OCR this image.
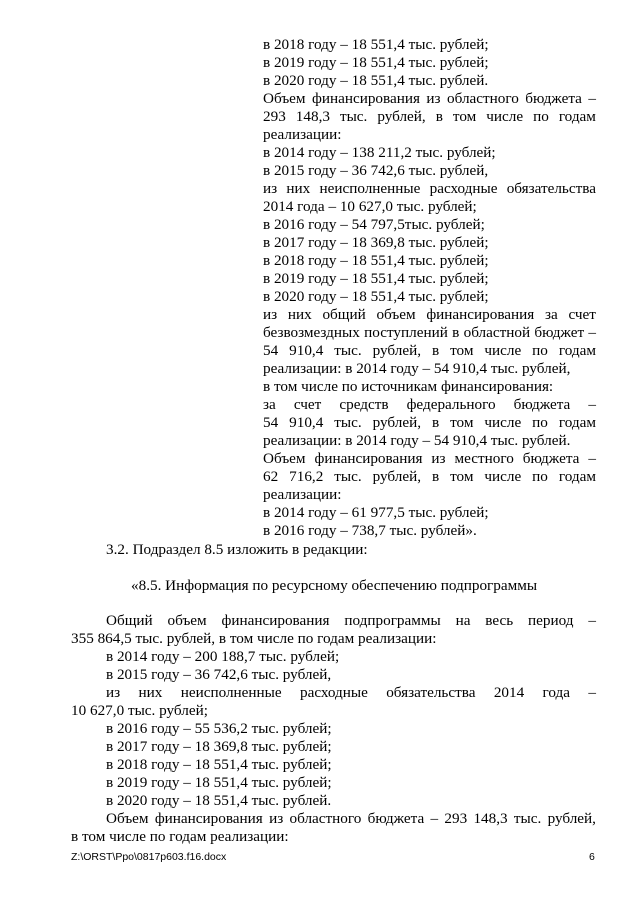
в 2018 году – 18 551,4 тыс. рублей;
в 2019 году – 18 551,4 тыс. рублей;
в 2020 году – 18 551,4 тыс. рублей.
Объем финансирования из областного бюджета –
293 148,3 тыс. рублей, в том числе по годам
реализации:
в 2014 году – 138 211,2 тыс. рублей;
в 2015 году – 36 742,6 тыс. рублей,
из них неисполненные расходные обязательства
2014 года – 10 627,0 тыс. рублей;
в 2016 году – 54 797,5тыс. рублей;
в 2017 году – 18 369,8 тыс. рублей;
в 2018 году – 18 551,4 тыс. рублей;
в 2019 году – 18 551,4 тыс. рублей;
в 2020 году – 18 551,4 тыс. рублей;
из них общий объем финансирования за счет
безвозмездных поступлений в областной бюджет –
54 910,4 тыс. рублей, в том числе по годам
реализации: в 2014 году – 54 910,4 тыс. рублей,
в том числе по источникам финансирования:
за счет средств федерального бюджета –
54 910,4 тыс. рублей, в том числе по годам
реализации: в 2014 году – 54 910,4 тыс. рублей.
Объем финансирования из местного бюджета –
62 716,2 тыс. рублей, в том числе по годам
реализации:
в 2014 году – 61 977,5 тыс. рублей;
в 2016 году – 738,7 тыс. рублей».
3.2. Подраздел 8.5 изложить в редакции:
«8.5. Информация по ресурсному обеспечению подпрограммы
Общий объем финансирования подпрограммы на весь период –
355 864,5 тыс. рублей, в том числе по годам реализации:
в 2014 году – 200 188,7 тыс. рублей;
в 2015 году – 36 742,6 тыс. рублей,
из них неисполненные расходные обязательства 2014 года –
10 627,0 тыс. рублей;
в 2016 году – 55 536,2 тыс. рублей;
в 2017 году – 18 369,8 тыс. рублей;
в 2018 году – 18 551,4 тыс. рублей;
в 2019 году – 18 551,4 тыс. рублей;
в 2020 году – 18 551,4 тыс. рублей.
Объем финансирования из областного бюджета – 293 148,3 тыс. рублей,
в том числе по годам реализации:
Z:\ORST\Ppo\0817p603.f16.docx	6
